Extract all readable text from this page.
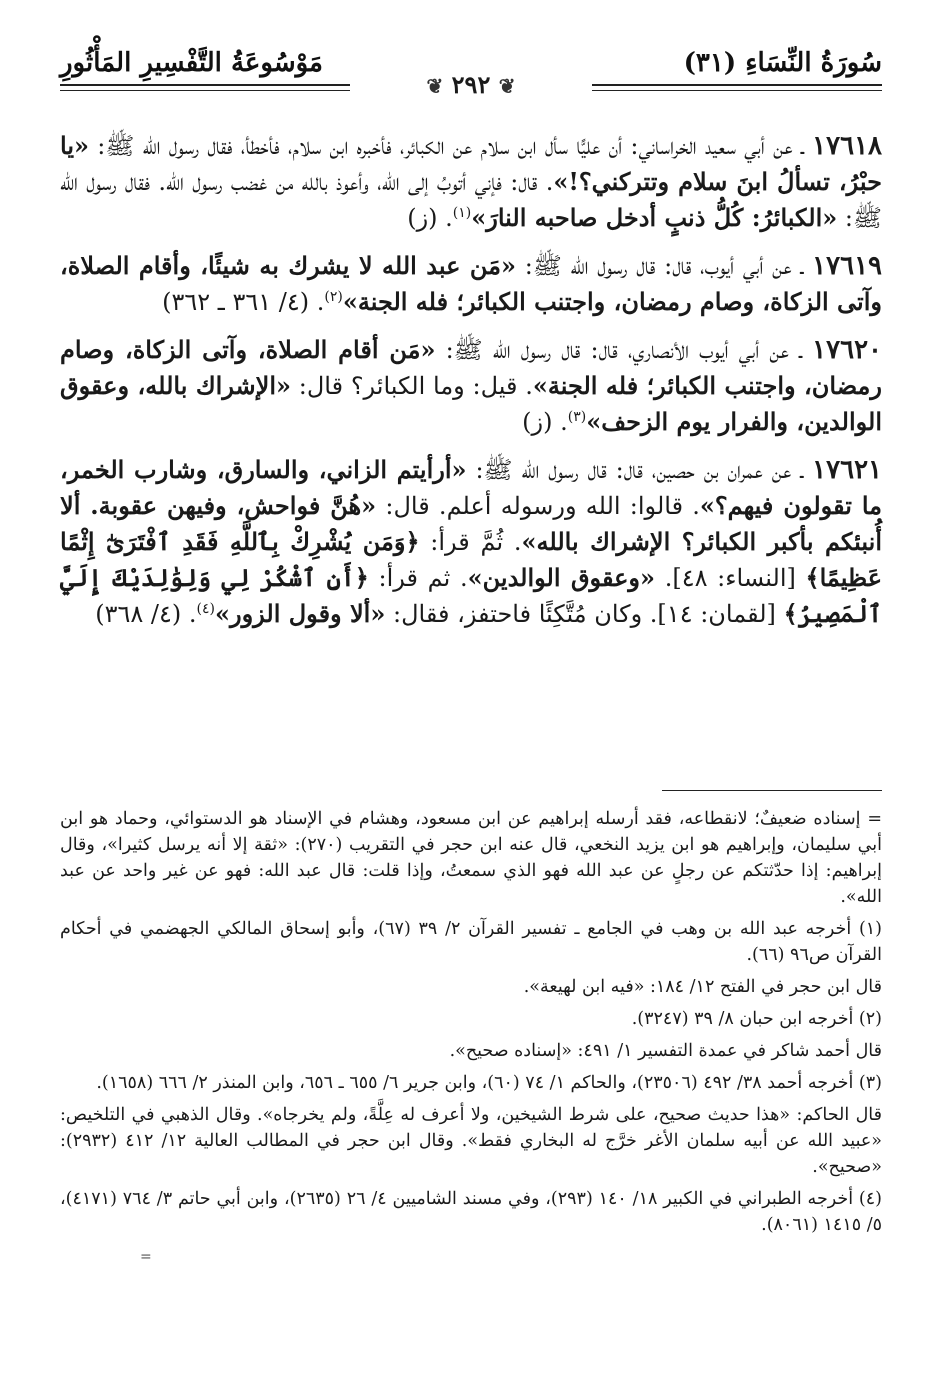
سُورَةُ النِّسَاءِ (٣١)
مَوْسُوعَةُ التَّفْسِيرِ المَأْثُورِ
❦ ٢٩٢ ❦

١٧٦١٨ ـ عن أبي سعيد الخراساني: أن عليًّا سأل ابن سلام عن الكبائر، فأخبره ابن سلام، فأخطأ، فقال رسول الله ﷺ: «يا حبْرُ، تسألُ ابنَ سلام وتتركني؟!». قال: فإني أتوبُ إلى الله، وأعوذ بالله من غضب رسول الله. فقال رسول الله ﷺ: «الكبائرُ: كُلُّ ذنبٍ أدخل صاحبه النارَ»$^{(١)}$. (ز)

١٧٦١٩ ـ عن أبي أيوب، قال: قال رسول الله ﷺ: «مَن عبد الله لا يشرك به شيئًا، وأقام الصلاة، وآتى الزكاة، وصام رمضان، واجتنب الكبائر؛ فله الجنة»$^{(٢)}$. (٤/ ٣٦١ ـ ٣٦٢)

١٧٦٢٠ ـ عن أبي أيوب الأنصاري، قال: قال رسول الله ﷺ: «مَن أقام الصلاة، وآتى الزكاة، وصام رمضان، واجتنب الكبائر؛ فله الجنة». قيل: وما الكبائر؟ قال: «الإشراك بالله، وعقوق الوالدين، والفرار يوم الزحف»$^{(٣)}$. (ز)

١٧٦٢١ ـ عن عمران بن حصين، قال: قال رسول الله ﷺ: «أرأيتم الزاني، والسارق، وشارب الخمر، ما تقولون فيهم؟». قالوا: الله ورسوله أعلم. قال: «هُنَّ فواحش، وفيهن عقوبة. ألا أُنبئكم بأكبر الكبائر؟ الإشراك بالله». ثُمَّ قرأ: ﴿وَمَن يُشْرِكْ بِٱللَّهِ فَقَدِ ٱفْتَرَىٰٓ إِثْمًا عَظِيمًا﴾ [النساء: ٤٨]. «وعقوق الوالدين». ثم قرأ: ﴿أَنِ ٱشْكُرْ لِي وَلِوَٰلِدَيْكَ إِلَيَّ ٱلْمَصِيرُ﴾ [لقمان: ١٤]. وكان مُتَّكِئًا فاحتفز، فقال: «ألا وقول الزور»$^{(٤)}$. (٤/ ٣٦٨)

= إسناده ضعيفٌ؛ لانقطاعه، فقد أرسله إبراهيم عن ابن مسعود، وهشام في الإسناد هو الدستوائي، وحماد هو ابن أبي سليمان، وإبراهيم هو ابن يزيد النخعي، قال عنه ابن حجر في التقريب (٢٧٠): «ثقة إلا أنه يرسل كثيرا»، وقال إبراهيم: إذا حدّثتكم عن رجلٍ عن عبد الله فهو الذي سمعتُ، وإذا قلت: قال عبد الله: فهو عن غير واحد عن عبد الله».

(١) أخرجه عبد الله بن وهب في الجامع ـ تفسير القرآن ٢/ ٣٩ (٦٧)، وأبو إسحاق المالكي الجهضمي في أحكام القرآن ص٩٦ (٦٦).

قال ابن حجر في الفتح ١٢/ ١٨٤: «فيه ابن لهيعة».

(٢) أخرجه ابن حبان ٨/ ٣٩ (٣٢٤٧).

قال أحمد شاكر في عمدة التفسير ١/ ٤٩١: «إسناده صحيح».

(٣) أخرجه أحمد ٣٨/ ٤٩٢ (٢٣٥٠٦)، والحاكم ١/ ٧٤ (٦٠)، وابن جرير ٦/ ٦٥٥ ـ ٦٥٦، وابن المنذر ٢/ ٦٦٦ (١٦٥٨).

قال الحاكم: «هذا حديث صحيح، على شرط الشيخين، ولا أعرف له عِلَّةً، ولم يخرجاه». وقال الذهبي في التلخيص: «عبيد الله عن أبيه سلمان الأغر خرَّج له البخاري فقط». وقال ابن حجر في المطالب العالية ١٢/ ٤١٢ (٢٩٣٢): «صحيح».

(٤) أخرجه الطبراني في الكبير ١٨/ ١٤٠ (٢٩٣)، وفي مسند الشاميين ٤/ ٢٦ (٢٦٣٥)، وابن أبي حاتم ٣/ ٧٦٤ (٤١٧١)، ٥/ ١٤١٥ (٨٠٦١).

=
